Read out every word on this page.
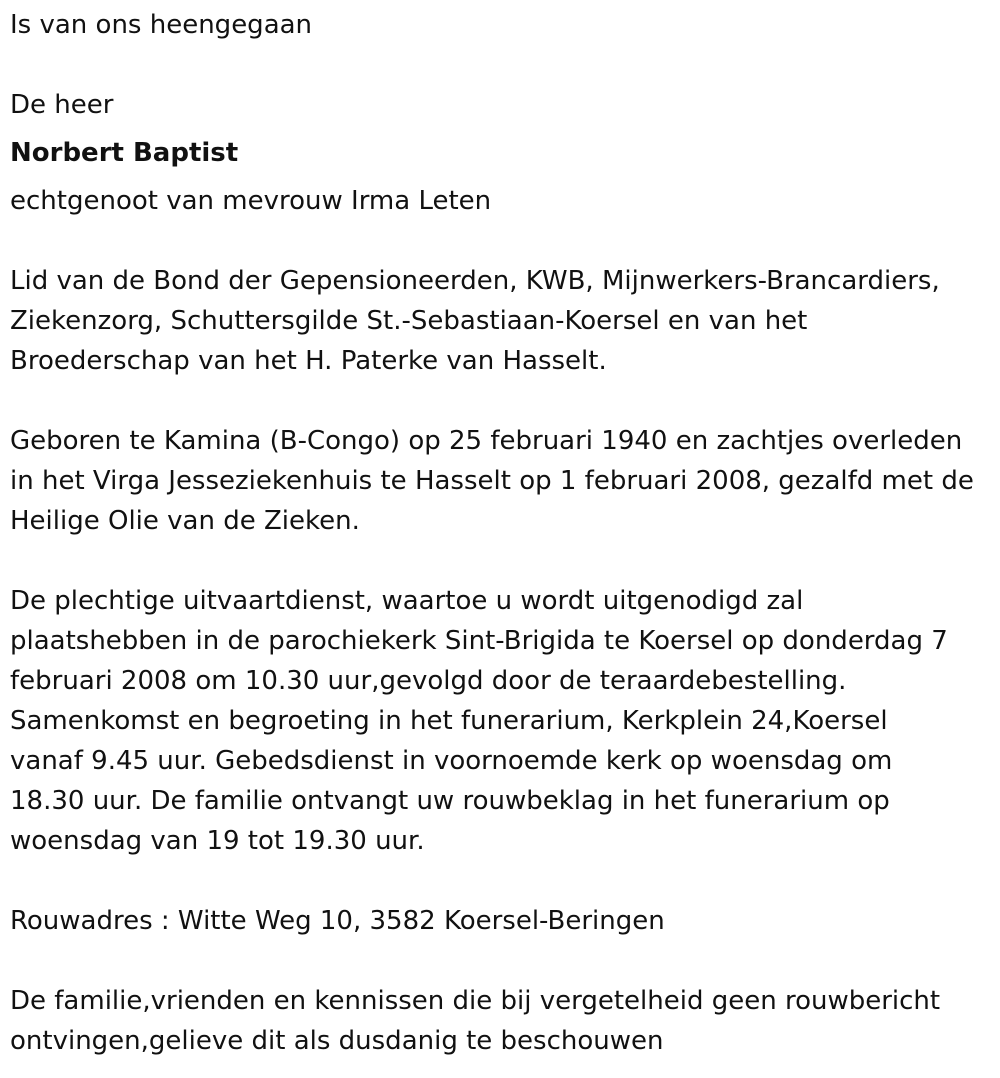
Is van ons heengegaan

De heer

Norbert Baptist

echtgenoot van mevrouw Irma Leten

Lid van de Bond der Gepensioneerden, KWB, Mijnwerkers-Brancardiers,

Ziekenzorg, Schuttersgilde St.-Sebastiaan-Koersel en van het

Broederschap van het H. Paterke van Hasselt.

Geboren te Kamina (B-Congo) op 25 februari 1940 en zachtjes overleden

in het Virga Jesseziekenhuis te Hasselt op 1 februari 2008, gezalfd met de

Heilige Olie van de Zieken.

De plechtige uitvaartdienst, waartoe u wordt uitgenodigd zal

plaatshebben in de parochiekerk Sint-Brigida te Koersel op donderdag 7

februari 2008 om 10.30 uur,gevolgd door de teraardebestelling.

Samenkomst en begroeting in het funerarium, Kerkplein 24,Koersel

vanaf 9.45 uur. Gebedsdienst in voornoemde kerk op woensdag om

18.30 uur. De familie ontvangt uw rouwbeklag in het funerarium op

woensdag van 19 tot 19.30 uur.

Rouwadres : Witte Weg 10, 3582 Koersel-Beringen

De familie,vrienden en kennissen die bij vergetelheid geen rouwbericht

ontvingen,gelieve dit als dusdanig te beschouwen
